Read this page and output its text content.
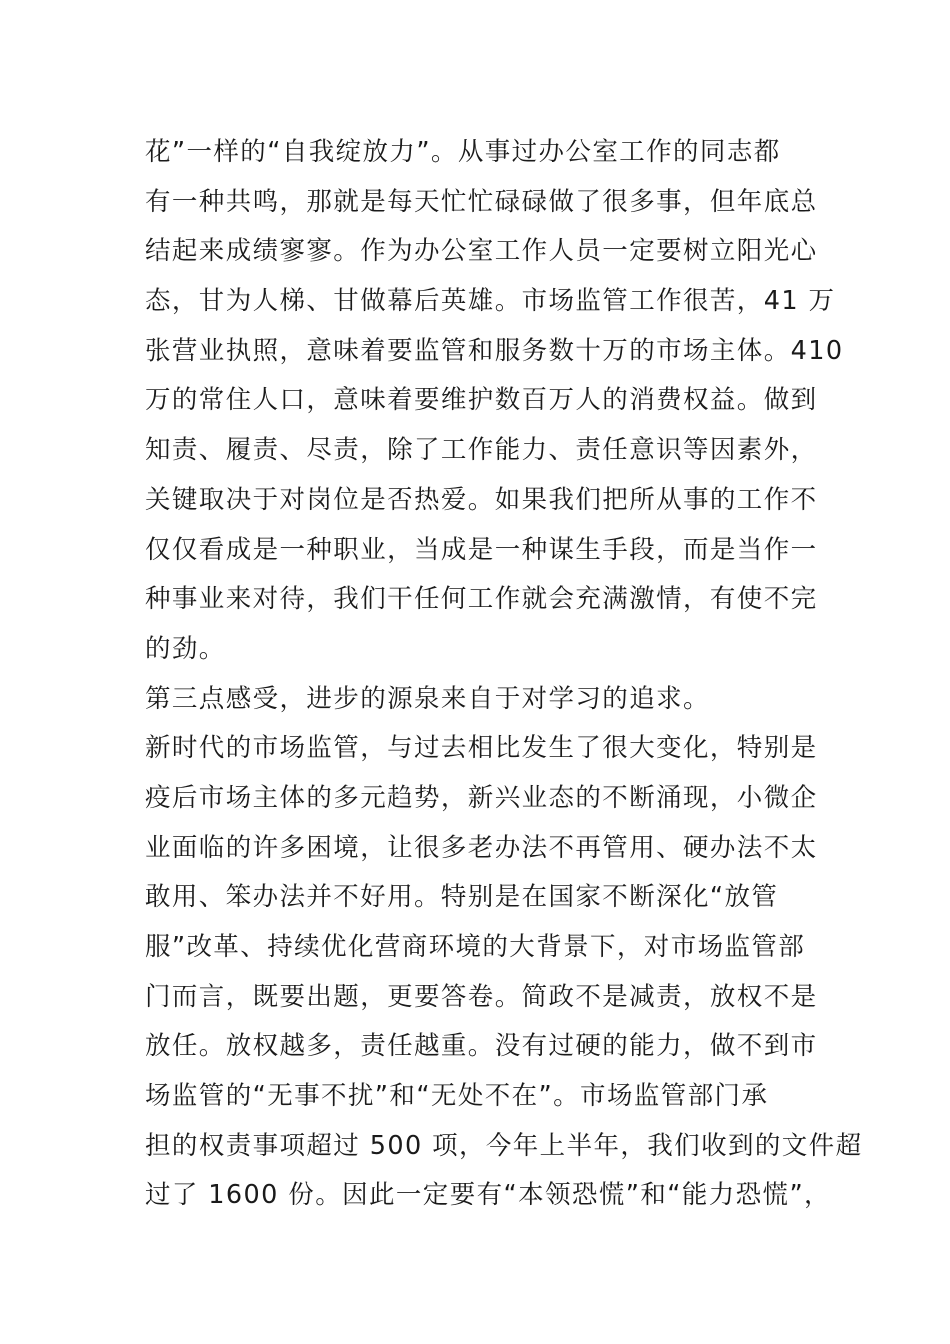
花”一样的“自我绽放力”。从事过办公室工作的同志都
有一种共鸣，那就是每天忙忙碌碌做了很多事，但年底总
结起来成绩寥寥。作为办公室工作人员一定要树立阳光心
态，甘为人梯、甘做幕后英雄。市场监管工作很苦，41 万
张营业执照，意味着要监管和服务数十万的市场主体。410
万的常住人口，意味着要维护数百万人的消费权益。做到
知责、履责、尽责，除了工作能力、责任意识等因素外，
关键取决于对岗位是否热爱。如果我们把所从事的工作不
仅仅看成是一种职业，当成是一种谋生手段，而是当作一
种事业来对待，我们干任何工作就会充满激情，有使不完
的劲。
第三点感受，进步的源泉来自于对学习的追求。
新时代的市场监管，与过去相比发生了很大变化，特别是
疫后市场主体的多元趋势，新兴业态的不断涌现，小微企
业面临的许多困境，让很多老办法不再管用、硬办法不太
敢用、笨办法并不好用。特别是在国家不断深化“放管
服”改革、持续优化营商环境的大背景下，对市场监管部
门而言，既要出题，更要答卷。简政不是减责，放权不是
放任。放权越多，责任越重。没有过硬的能力，做不到市
场监管的“无事不扰”和“无处不在”。市场监管部门承
担的权责事项超过 500 项，今年上半年，我们收到的文件超
过了 1600 份。因此一定要有“本领恐慌”和“能力恐慌”，
